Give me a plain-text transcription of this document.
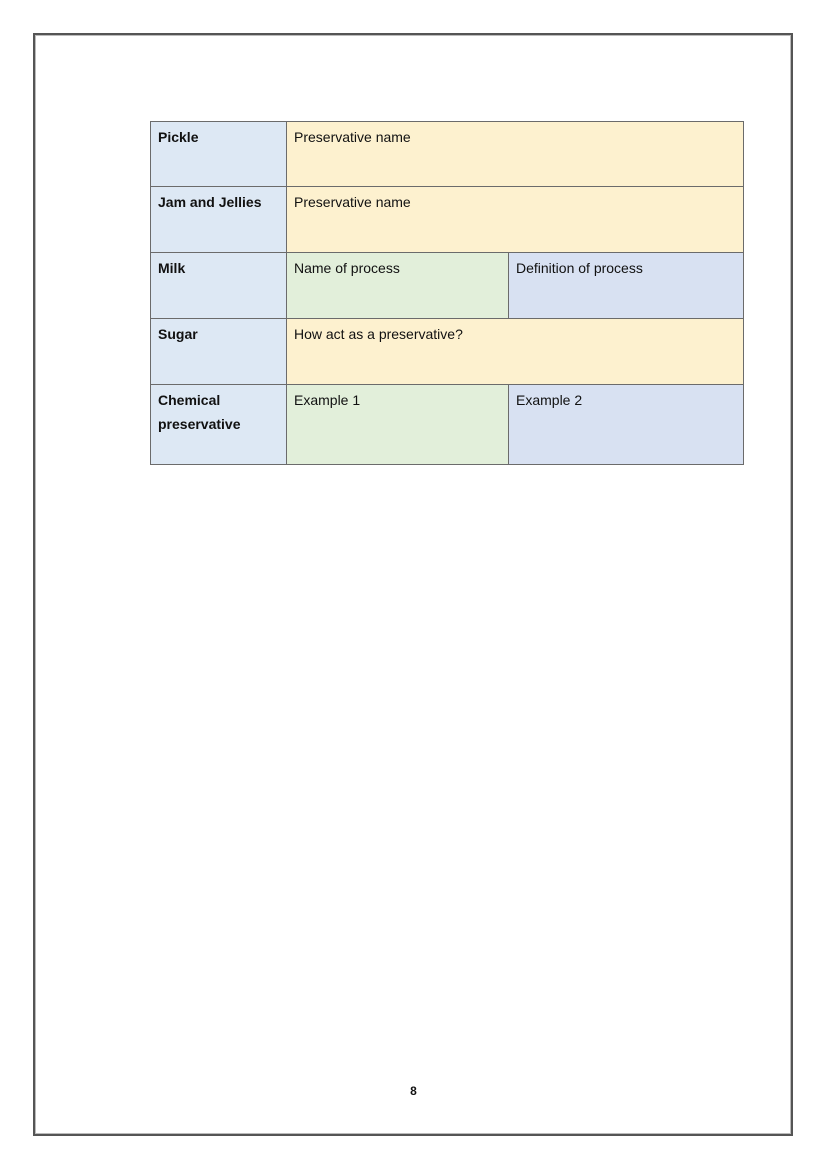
Pickle	Preservative name	
Jam and Jellies	Preservative name	
Milk	Name of process	Definition of process
Sugar	How act as a preservative?	
Chemical preservative	Example 1	Example 2
8
